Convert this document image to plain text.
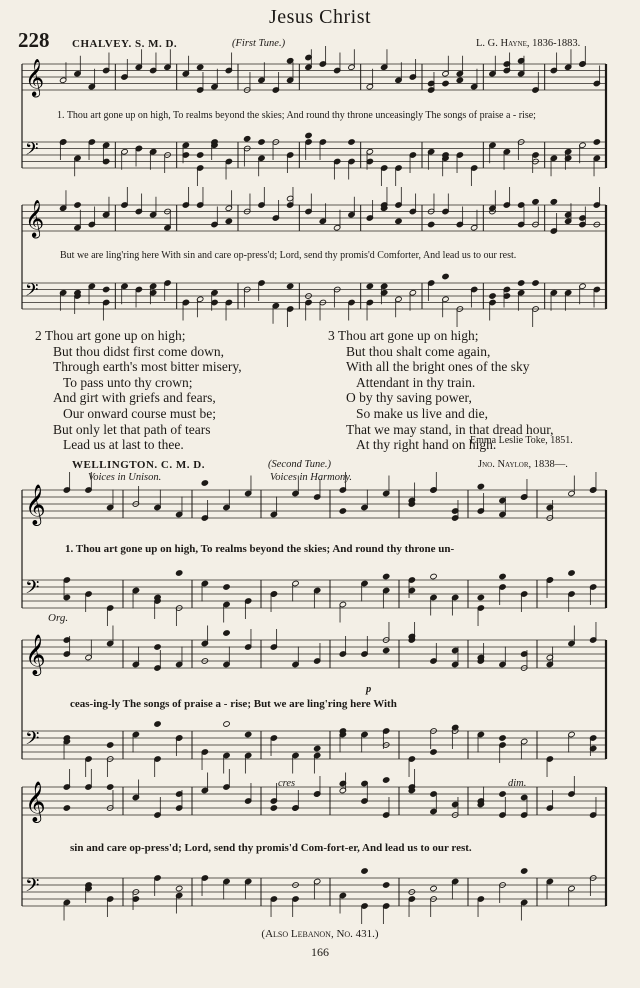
𝄞
𝄢
𝄞
𝄢
𝄞
𝄢
𝄞
𝄢
𝄞
𝄢
Jesus Christ
228 CHALVEY. S. M. D.	(First Tune.)	L. G. Hayne, 1836-1883.
1. Thou art gone up on high, To realms beyond the skies; And round thy throne unceasingly The songs of praise a - rise;
But we are ling'ring here With sin and care op-press'd; Lord, send thy promis'd Comforter, And lead us to our rest.
2 Thou art gone up on high;
But thou didst first come down,
Through earth's most bitter misery,
To pass unto thy crown;
And girt with griefs and fears,
Our onward course must be;
But only let that path of tears
Lead us at last to thee.
3 Thou art gone up on high;
But thou shalt come again,
With all the bright ones of the sky
Attendant in thy train.
O by thy saving power,
So make us live and die,
That we may stand, in that dread hour,
At thy right hand on high.
Emma Leslie Toke, 1851.
WELLINGTON. C. M. D.	(Second Tune.)	Jno. Naylor, 1838—.
Voices in Unison.	Voices in Harmony.
Org.
1. Thou art gone up on high, To realms beyond the skies; And round thy throne un-
ceas-ing-ly The songs of praise a - rise; But we are ling'ring here With
sin and care op-press'd; Lord, send thy promis'd Com-fort-er, And lead us to our rest.
p
cres	dim.
(Also Lebanon, No. 431.)
166
